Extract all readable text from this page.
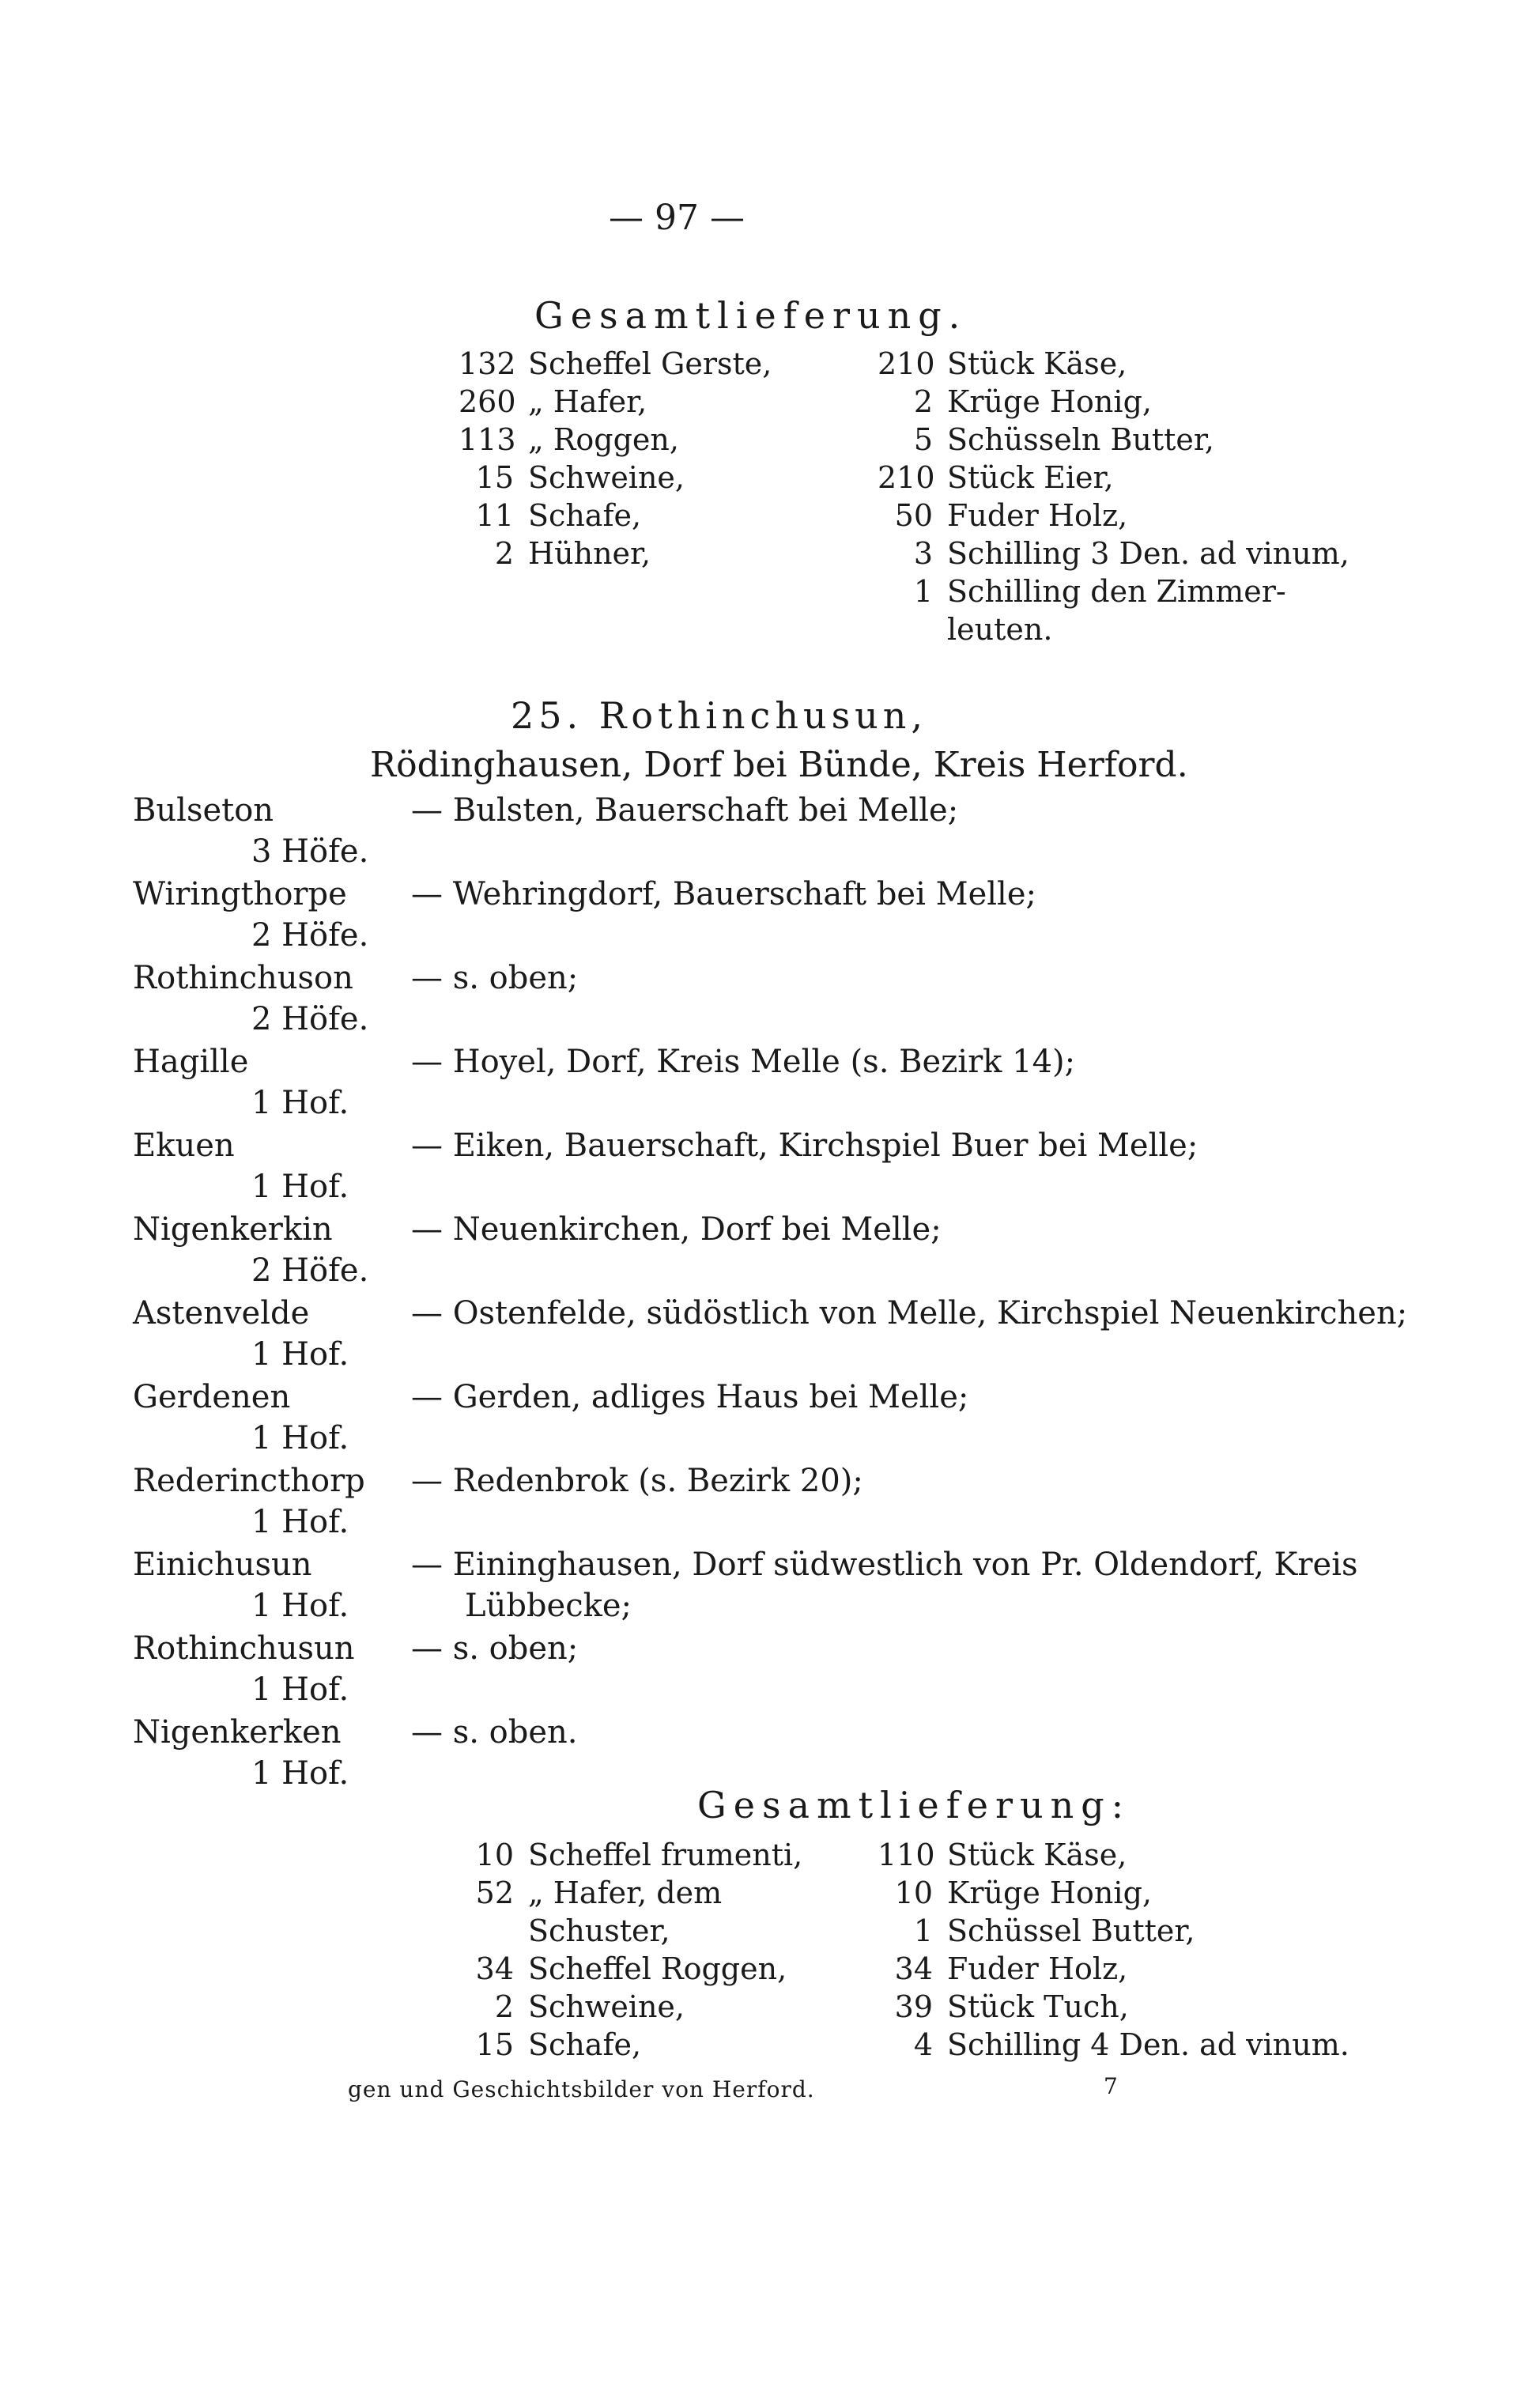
— 97 —
Gesamtlieferung.
132 Scheffel Gerste,
260 „ Hafer,
113 „ Roggen,
15 Schweine,
11 Schafe,
2 Hühner,
210 Stück Käse,
2 Krüge Honig,
5 Schüsseln Butter,
210 Stück Eier,
50 Fuder Holz,
3 Schilling 3 Den. ad vinum,
1 Schilling den Zimmer-
leuten.
25. Rothinchusun,
Rödinghausen, Dorf bei Bünde, Kreis Herford.
Bulseton
3 Höfe.
— Bulsten, Bauerschaft bei Melle;
Wiringthorpe
2 Höfe.
— Wehringdorf, Bauerschaft bei Melle;
Rothinchuson
2 Höfe.
— s. oben;
Hagille
1 Hof.
— Hoyel, Dorf, Kreis Melle (s. Bezirk 14);
Ekuen
1 Hof.
— Eiken, Bauerschaft, Kirchspiel Buer bei Melle;
Nigenkerkin
2 Höfe.
— Neuenkirchen, Dorf bei Melle;
Astenvelde
1 Hof.
— Ostenfelde, südöstlich von Melle, Kirchspiel Neuenkirchen;
Gerdenen
1 Hof.
— Gerden, adliges Haus bei Melle;
Rederincthorp
1 Hof.
— Redenbrok (s. Bezirk 20);
Einichusun
1 Hof.
— Eininghausen, Dorf südwestlich von Pr. Oldendorf, Kreis
Lübbecke;
Rothinchusun
1 Hof.
— s. oben;
Nigenkerken
1 Hof.
— s. oben.
Gesamtlieferung:
10 Scheffel frumenti,
52 „ Hafer, dem
Schuster,
34 Scheffel Roggen,
2 Schweine,
15 Schafe,
110 Stück Käse,
10 Krüge Honig,
1 Schüssel Butter,
34 Fuder Holz,
39 Stück Tuch,
4 Schilling 4 Den. ad vinum.
gen und Geschichtsbilder von Herford.	7
